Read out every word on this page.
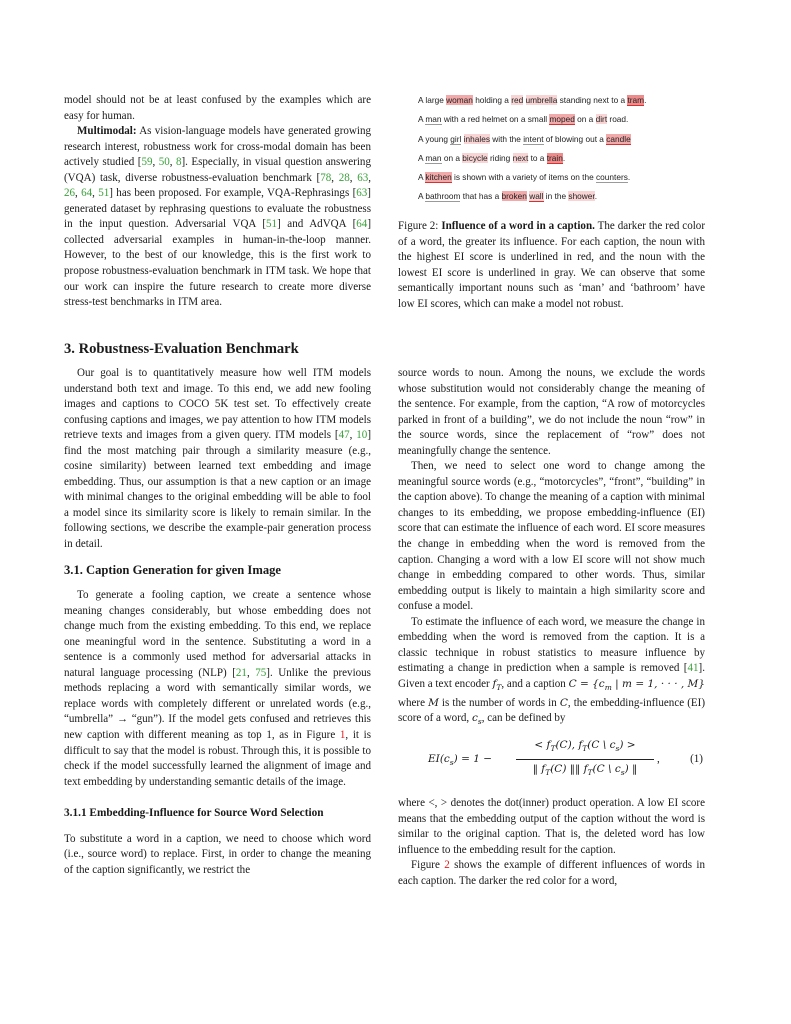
model should not be at least confused by the examples which are easy for human.

Multimodal: As vision-language models have generated growing research interest, robustness work for cross-modal domain has been actively studied [59, 50, 8]. Especially, in visual question answering (VQA) task, diverse robustness-evaluation benchmark [78, 28, 63, 26, 64, 51] has been proposed. For example, VQA-Rephrasings [63] generated dataset by rephrasing questions to evaluate the robustness in the input question. Adversarial VQA [51] and AdVQA [64] collected adversarial examples in human-in-the-loop manner. However, to the best of our knowledge, this is the first work to propose robustness-evaluation benchmark in ITM task. We hope that our work can inspire the future research to create more diverse stress-test benchmarks in ITM area.

3. Robustness-Evaluation Benchmark

Our goal is to quantitatively measure how well ITM models understand both text and image. To this end, we add new fooling images and captions to COCO 5K test set. To effectively create confusing captions and images, we pay attention to how ITM models retrieve texts and images from a given query. ITM models [47, 10] find the most matching pair through a similarity measure (e.g., cosine similarity) between learned text embedding and image embedding. Thus, our assumption is that a new caption or an image with minimal changes to the original embedding will be able to fool a model since its similarity score is likely to remain similar. In the following sections, we describe the example-pair generation process in detail.

3.1. Caption Generation for given Image

To generate a fooling caption, we create a sentence whose meaning changes considerably, but whose embedding does not change much from the existing embedding. To this end, we replace one meaningful word in the sentence. Substituting a word in a sentence is a commonly used method for adversarial attacks in natural language processing (NLP) [21, 75]. Unlike the previous methods replacing a word with semantically similar words, we replace words with completely different or unrelated words (e.g., “umbrella” → “gun”). If the model gets confused and retrieves this new caption with different meaning as top 1, as in Figure 1, it is difficult to say that the model is robust. Through this, it is possible to check if the model successfully learned the alignment of image and text embedding by understanding semantic details of the image.

3.1.1 Embedding-Influence for Source Word Selection

To substitute a word in a caption, we need to choose which word (i.e., source word) to replace. First, in order to change the meaning of the caption significantly, we restrict the

A large woman holding a red umbrella standing next to a tram.
A man with a red helmet on a small moped on a dirt road.
A young girl inhales with the intent of blowing out a candle
A man on a bicycle riding next to a train.
A kitchen is shown with a variety of items on the counters.
A bathroom that has a broken wall in the shower.

Figure 2: Influence of a word in a caption. The darker the red color of a word, the greater its influence. For each caption, the noun with the highest EI score is underlined in red, and the noun with the lowest EI score is underlined in gray. We can observe that some semantically important nouns such as ‘man’ and ‘bathroom’ have low EI scores, which can make a model not robust.

source words to noun. Among the nouns, we exclude the words whose substitution would not considerably change the meaning of the sentence. For example, from the caption, “A row of motorcycles parked in front of a building”, we do not include the noun “row” in the source words, since the replacement of “row” does not meaningfully change the sentence.

Then, we need to select one word to change among the meaningful source words (e.g., “motorcycles”, “front”, “building” in the caption above). To change the meaning of a caption with minimal changes to its embedding, we propose embedding-influence (EI) score that can estimate the influence of each word. EI score measures the change in embedding when the word is removed from the caption. Changing a word with a low EI score will not show much change in embedding compared to other words. Thus, similar embedding output is likely to maintain a high similarity score and confuse a model.

To estimate the influence of each word, we measure the change in embedding when the word is removed from the caption. It is a classic technique in robust statistics to measure influence by estimating a change in prediction when a sample is removed [41]. Given a text encoder $f_T$, and a caption $C = \{c_m$ | m = 1, · · · , M} where M is the number of words in C, the embedding-influence (EI) score of a word, $c_s$, can be defined by

$EI(c_s) = 1 - \frac{< f_T(C), f_T(C \backslash c_s) >}{‖ f_T(C) ‖‖ f_T(C \backslash c_s) ‖}$ ,	(1)

where <, > denotes the dot(inner) product operation. A low EI score means that the embedding output of the caption without the word is similar to the original caption. That is, the deleted word has low influence to the embedding result for the caption.

Figure 2 shows the example of different influences of words in each caption. The darker the red color for a word,
